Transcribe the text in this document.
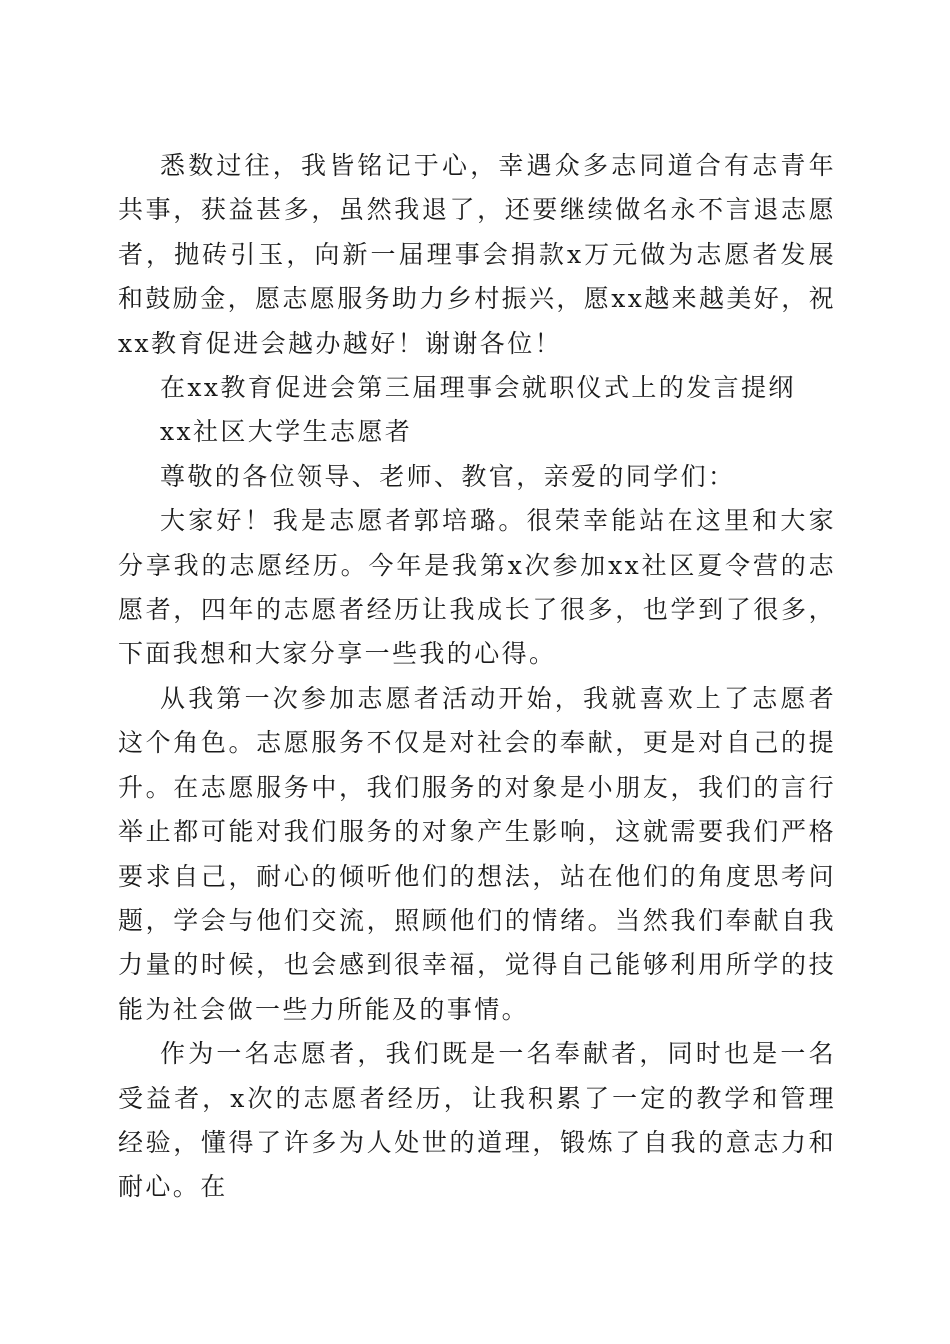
悉数过往，我皆铭记于心，幸遇众多志同道合有志青年共事，获益甚多，虽然我退了，还要继续做名永不言退志愿者，抛砖引玉，向新一届理事会捐款x万元做为志愿者发展和鼓励金，愿志愿服务助力乡村振兴，愿xx越来越美好，祝xx教育促进会越办越好！谢谢各位！

在xx教育促进会第三届理事会就职仪式上的发言提纲

xx社区大学生志愿者

尊敬的各位领导、老师、教官，亲爱的同学们：

大家好！我是志愿者郭培璐。很荣幸能站在这里和大家分享我的志愿经历。今年是我第x次参加xx社区夏令营的志愿者，四年的志愿者经历让我成长了很多，也学到了很多，下面我想和大家分享一些我的心得。

从我第一次参加志愿者活动开始，我就喜欢上了志愿者这个角色。志愿服务不仅是对社会的奉献，更是对自己的提升。在志愿服务中，我们服务的对象是小朋友，我们的言行举止都可能对我们服务的对象产生影响，这就需要我们严格要求自己，耐心的倾听他们的想法，站在他们的角度思考问题，学会与他们交流，照顾他们的情绪。当然我们奉献自我力量的时候，也会感到很幸福，觉得自己能够利用所学的技能为社会做一些力所能及的事情。

作为一名志愿者，我们既是一名奉献者，同时也是一名受益者，x次的志愿者经历，让我积累了一定的教学和管理经验，懂得了许多为人处世的道理，锻炼了自我的意志力和耐心。在
